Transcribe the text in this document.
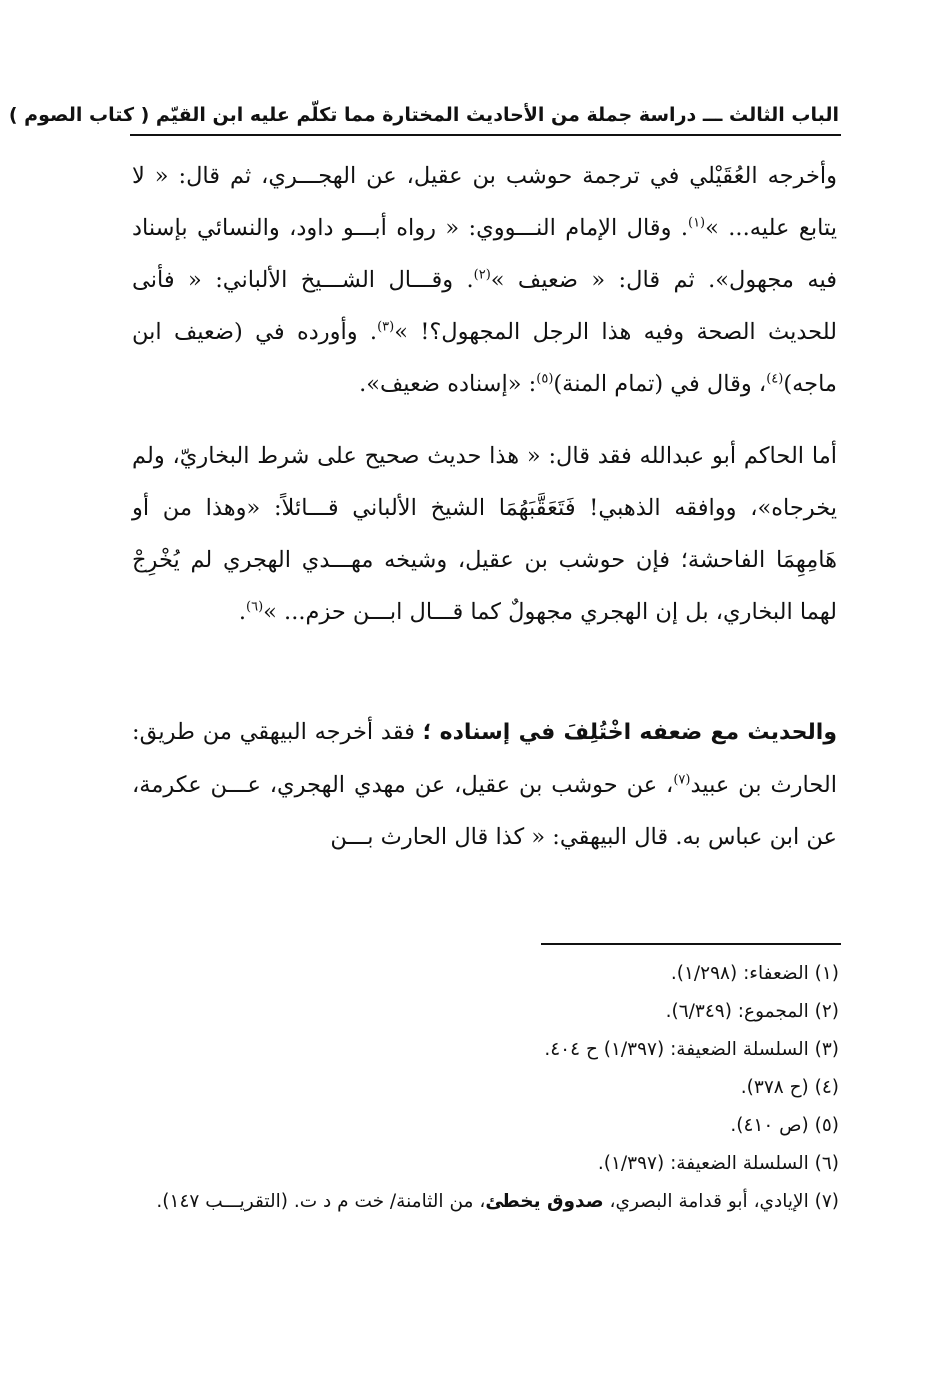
الباب الثالث ـــ دراسة جملة من الأحاديث المختارة مما تكلّم عليه ابن القيّم ( كتاب الصوم )

وأخرجه العُقَيْلي في ترجمة حوشب بن عقيل، عن الهجـــري، ثم قال: « لا يتابع عليه... »$^{(١)}$. وقال الإمام النـــووي: « رواه أبـــو داود، والنسائي بإسناد فيه مجهول». ثم قال: « ضعيف »$^{(٢)}$. وقـــال الشـــيخ الألباني: « فأنى للحديث الصحة وفيه هذا الرجل المجهول؟! »$^{(٣)}$. وأورده في (ضعيف ابن ماجه)$^{(٤)}$، وقال في (تمام المنة)$^{(٥)}$: «إسناده ضعيف».

أما الحاكم أبو عبدالله فقد قال: « هذا حديث صحيح على شرط البخاريّ، ولم يخرجاه»، ووافقه الذهبي! فَتَعَقَّبَهُمَا الشيخ الألباني قـــائلاً: «وهذا من أو هَامِهِمَا الفاحشة؛ فإن حوشب بن عقيل، وشيخه مهـــدي الهجري لم يُخْرِجْ لهما البخاري، بل إن الهجري مجهولٌ كما قـــال ابـــن حزم... »$^{(٦)}$.

والحديث مع ضعفه اخْتُلِفَ في إسناده ؛ فقد أخرجه البيهقي من طريق: الحارث بن عبيد$^{(٧)}$، عن حوشب بن عقيل، عن مهدي الهجري، عـــن عكرمة، عن ابن عباس به. قال البيهقي: « كذا قال الحارث بـــن

(١) الضعفاء: (١/٢٩٨).

(٢) المجموع: (٦/٣٤٩).

(٣) السلسلة الضعيفة: (١/٣٩٧) ح ٤٠٤.

(٤) (ح ٣٧٨).

(٥) (ص ٤١٠).

(٦) السلسلة الضعيفة: (١/٣٩٧).

(٧) الإيادي، أبو قدامة البصري، صدوق يخطئ، من الثامنة/ خت م د ت. (التقريـــب ١٤٧).
